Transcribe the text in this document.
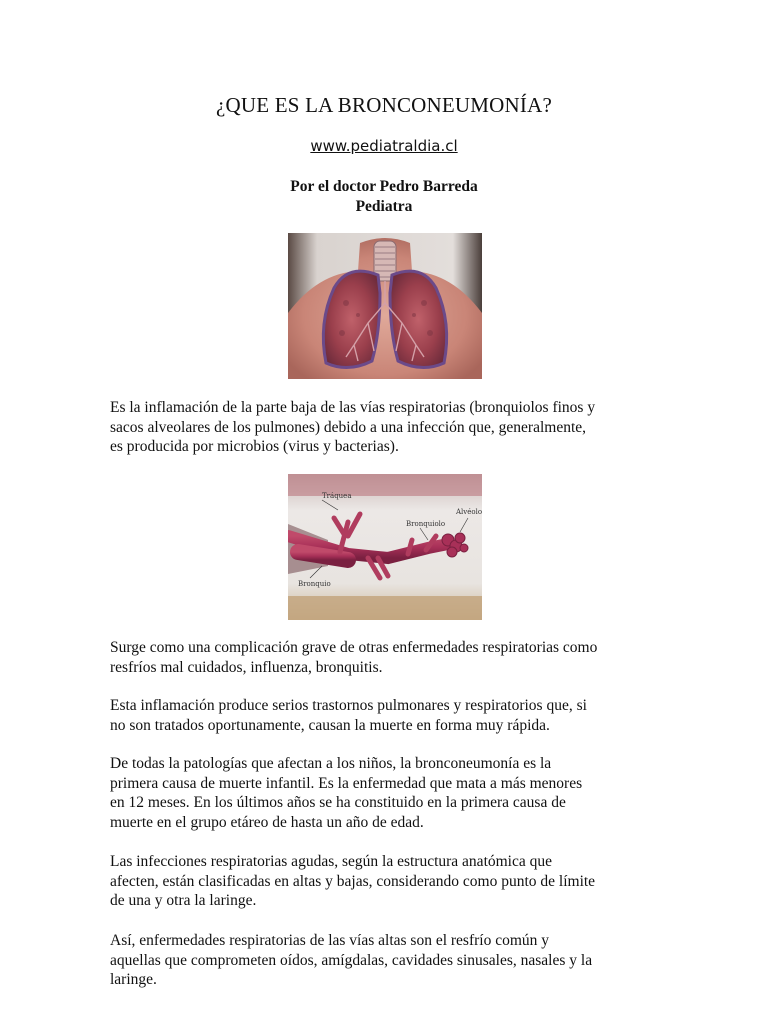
¿QUE ES LA BRONCONEUMONÍA?
www.pediatraldia.cl
Por el doctor Pedro Barreda
Pediatra
Es la inflamación de la parte baja de las vías respiratorias (bronquiolos finos y
sacos alveolares de los pulmones) debido a una infección que, generalmente,
es producida por microbios (virus y bacterias).
Tráquea
Bronquiolo
Alvéolo
Bronquio
Surge como una complicación grave de otras enfermedades respiratorias como
resfríos mal cuidados, influenza, bronquitis.
Esta inflamación produce serios trastornos pulmonares y respiratorios que, si
no son tratados oportunamente, causan la muerte en forma muy rápida.
De todas la patologías que afectan a los niños, la bronconeumonía es la
primera causa de muerte infantil. Es la enfermedad que mata a más menores
en 12 meses. En los últimos años se ha constituido en la primera causa de
muerte en el grupo etáreo de hasta un año de edad.
Las infecciones respiratorias agudas, según la estructura anatómica que
afecten, están clasificadas en altas y bajas, considerando como punto de límite
de una y otra la laringe.
Así, enfermedades respiratorias de las vías altas son el resfrío común y
aquellas que comprometen oídos, amígdalas, cavidades sinusales, nasales y la
laringe.
